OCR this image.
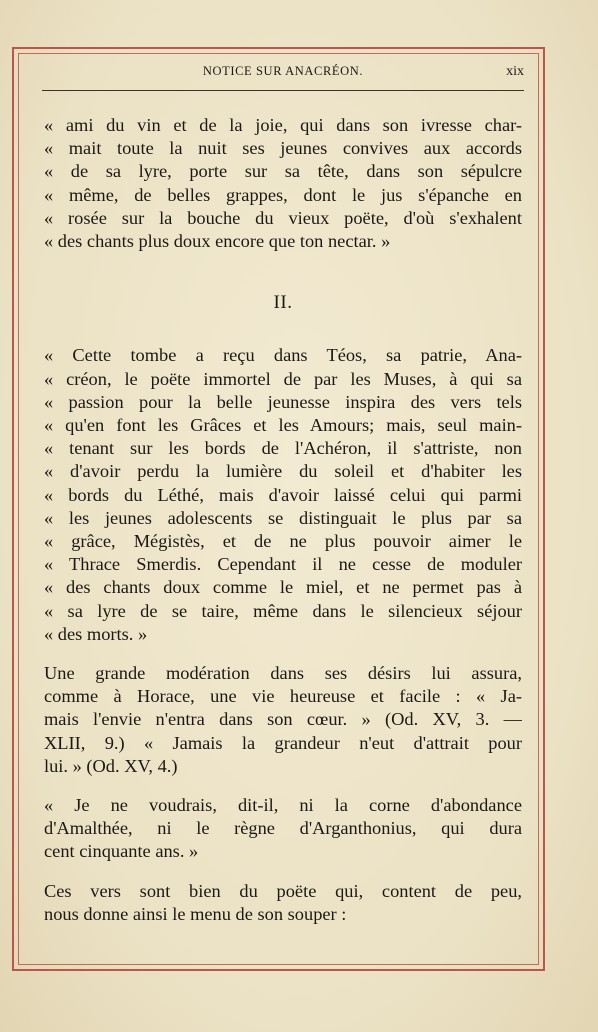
NOTICE SUR ANACRÉON.	xix
« ami du vin et de la joie, qui dans son ivresse char-
« mait toute la nuit ses jeunes convives aux accords
« de sa lyre, porte sur sa tête, dans son sépulcre
« même, de belles grappes, dont le jus s'épanche en
« rosée sur la bouche du vieux poëte, d'où s'exhalent
« des chants plus doux encore que ton nectar. »
II.
« Cette tombe a reçu dans Téos, sa patrie, Ana-
« créon, le poëte immortel de par les Muses, à qui sa
« passion pour la belle jeunesse inspira des vers tels
« qu'en font les Grâces et les Amours; mais, seul main-
« tenant sur les bords de l'Achéron, il s'attriste, non
« d'avoir perdu la lumière du soleil et d'habiter les
« bords du Léthé, mais d'avoir laissé celui qui parmi
« les jeunes adolescents se distinguait le plus par sa
« grâce, Mégistès, et de ne plus pouvoir aimer le
« Thrace Smerdis. Cependant il ne cesse de moduler
« des chants doux comme le miel, et ne permet pas à
« sa lyre de se taire, même dans le silencieux séjour
« des morts. »
Une grande modération dans ses désirs lui assura,
comme à Horace, une vie heureuse et facile : « Ja-
mais l'envie n'entra dans son cœur. » (Od. XV, 3. —
XLII, 9.) « Jamais la grandeur n'eut d'attrait pour
lui. » (Od. XV, 4.)
« Je ne voudrais, dit-il, ni la corne d'abondance
d'Amalthée, ni le règne d'Arganthonius, qui dura
cent cinquante ans. »
Ces vers sont bien du poëte qui, content de peu,
nous donne ainsi le menu de son souper :
